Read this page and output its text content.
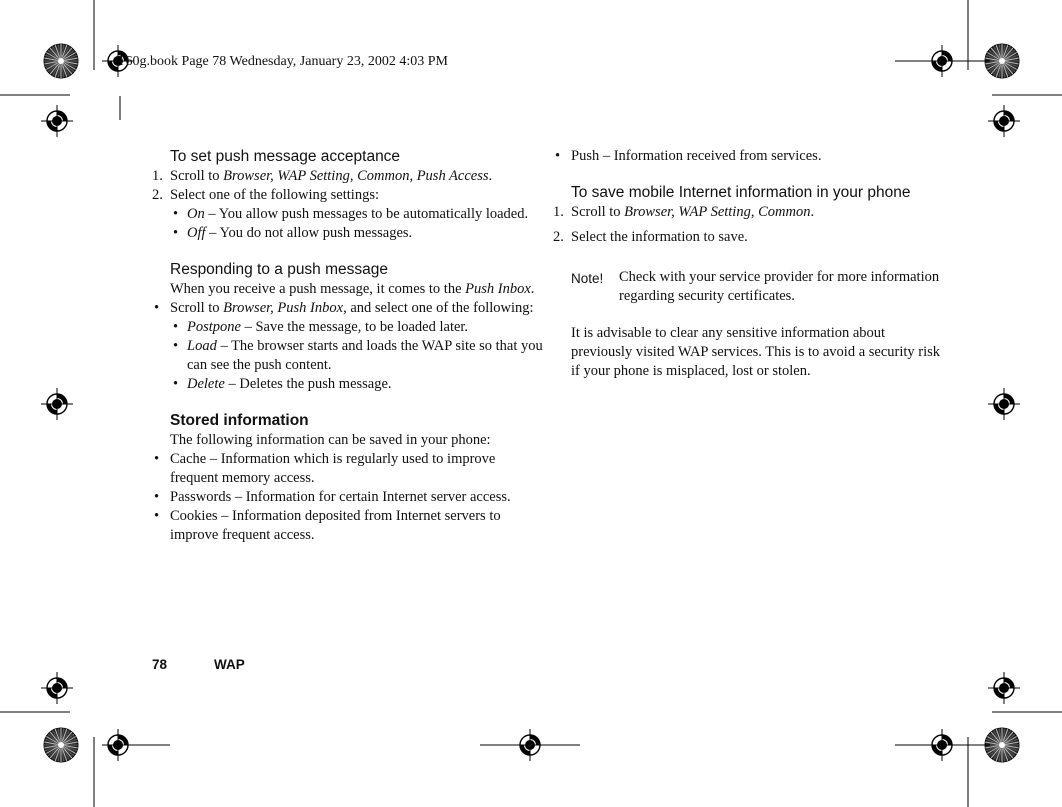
T60g.book Page 78 Wednesday, January 23, 2002 4:03 PM
To set push message acceptance
1. Scroll to Browser, WAP Setting, Common, Push Access.
2. Select one of the following settings:
• On – You allow push messages to be automatically loaded.
• Off – You do not allow push messages.
Responding to a push message
When you receive a push message, it comes to the Push Inbox.
• Scroll to Browser, Push Inbox, and select one of the following:
• Postpone – Save the message, to be loaded later.
• Load – The browser starts and loads the WAP site so that you can see the push content.
• Delete – Deletes the push message.
Stored information
The following information can be saved in your phone:
• Cache – Information which is regularly used to improve frequent memory access.
• Passwords – Information for certain Internet server access.
• Cookies – Information deposited from Internet servers to improve frequent access.
• Push – Information received from services.
To save mobile Internet information in your phone
1. Scroll to Browser, WAP Setting, Common.
2. Select the information to save.
Note!	Check with your service provider for more information regarding security certificates.
It is advisable to clear any sensitive information about previously visited WAP services. This is to avoid a security risk if your phone is misplaced, lost or stolen.
78	WAP
